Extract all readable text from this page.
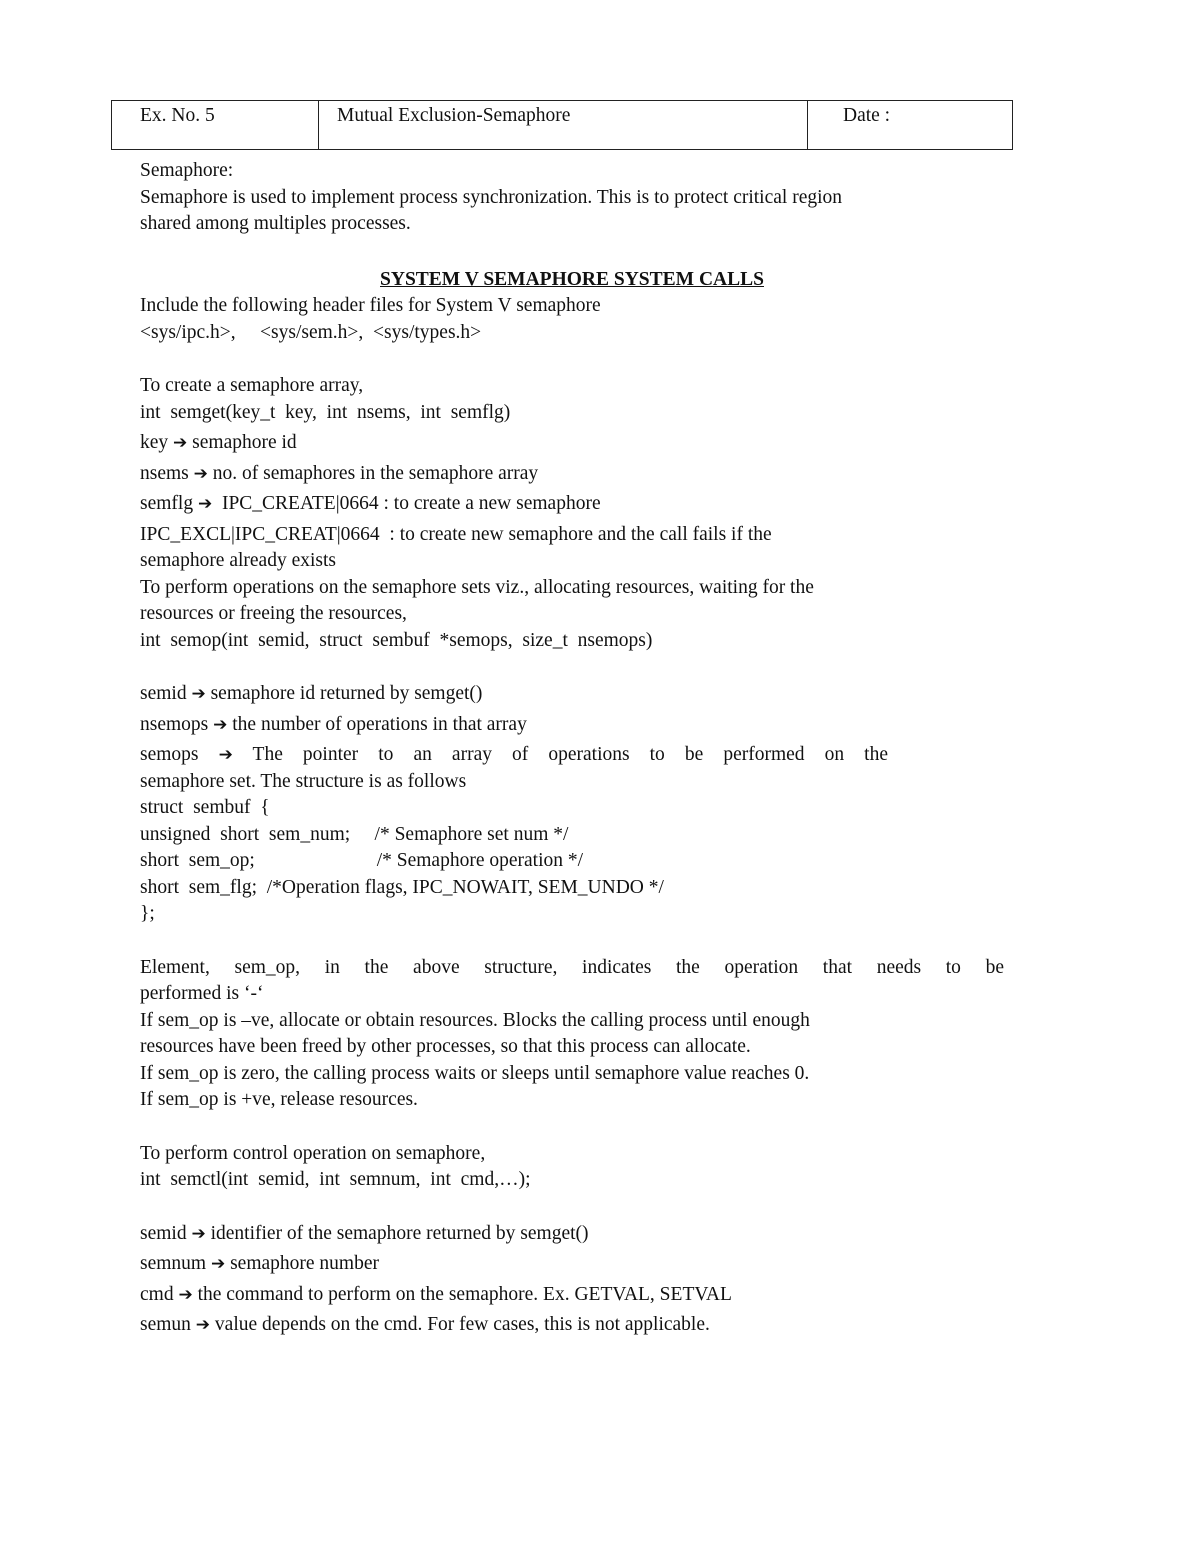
Ex. No. 5	Mutual Exclusion-Semaphore	Date :
Semaphore:
Semaphore is used to implement process synchronization. This is to protect critical region
shared among multiples processes.
SYSTEM V SEMAPHORE SYSTEM CALLS
Include the following header files for System V semaphore
<sys/ipc.h>,     <sys/sem.h>,  <sys/types.h>
To create a semaphore array,
int  semget(key_t  key,  int  nsems,  int  semflg)
key ➔ semaphore id
nsems ➔ no. of semaphores in the semaphore array
semflg ➔  IPC_CREATE|0664 : to create a new semaphore
IPC_EXCL|IPC_CREAT|0664  : to create new semaphore and the call fails if the
semaphore already exists
To perform operations on the semaphore sets viz., allocating resources, waiting for the
resources or freeing the resources,
int  semop(int  semid,  struct  sembuf  *semops,  size_t  nsemops)
semid ➔ semaphore id returned by semget()
nsemops ➔ the number of operations in that array
semops ➔ The pointer to an array of operations to be performed on the
semaphore set. The structure is as follows
struct  sembuf  {
unsigned  short  sem_num;     /* Semaphore set num */
short  sem_op;                         /* Semaphore operation */
short  sem_flg;  /*Operation flags, IPC_NOWAIT, SEM_UNDO */
};
Element, sem_op, in the above structure, indicates the operation that needs to be
performed is ‘-‘
If sem_op is –ve, allocate or obtain resources. Blocks the calling process until enough
resources have been freed by other processes, so that this process can allocate.
If sem_op is zero, the calling process waits or sleeps until semaphore value reaches 0.
If sem_op is +ve, release resources.
To perform control operation on semaphore,
int  semctl(int  semid,  int  semnum,  int  cmd,…);
semid ➔ identifier of the semaphore returned by semget()
semnum ➔ semaphore number
cmd ➔ the command to perform on the semaphore. Ex. GETVAL, SETVAL
semun ➔ value depends on the cmd. For few cases, this is not applicable.
